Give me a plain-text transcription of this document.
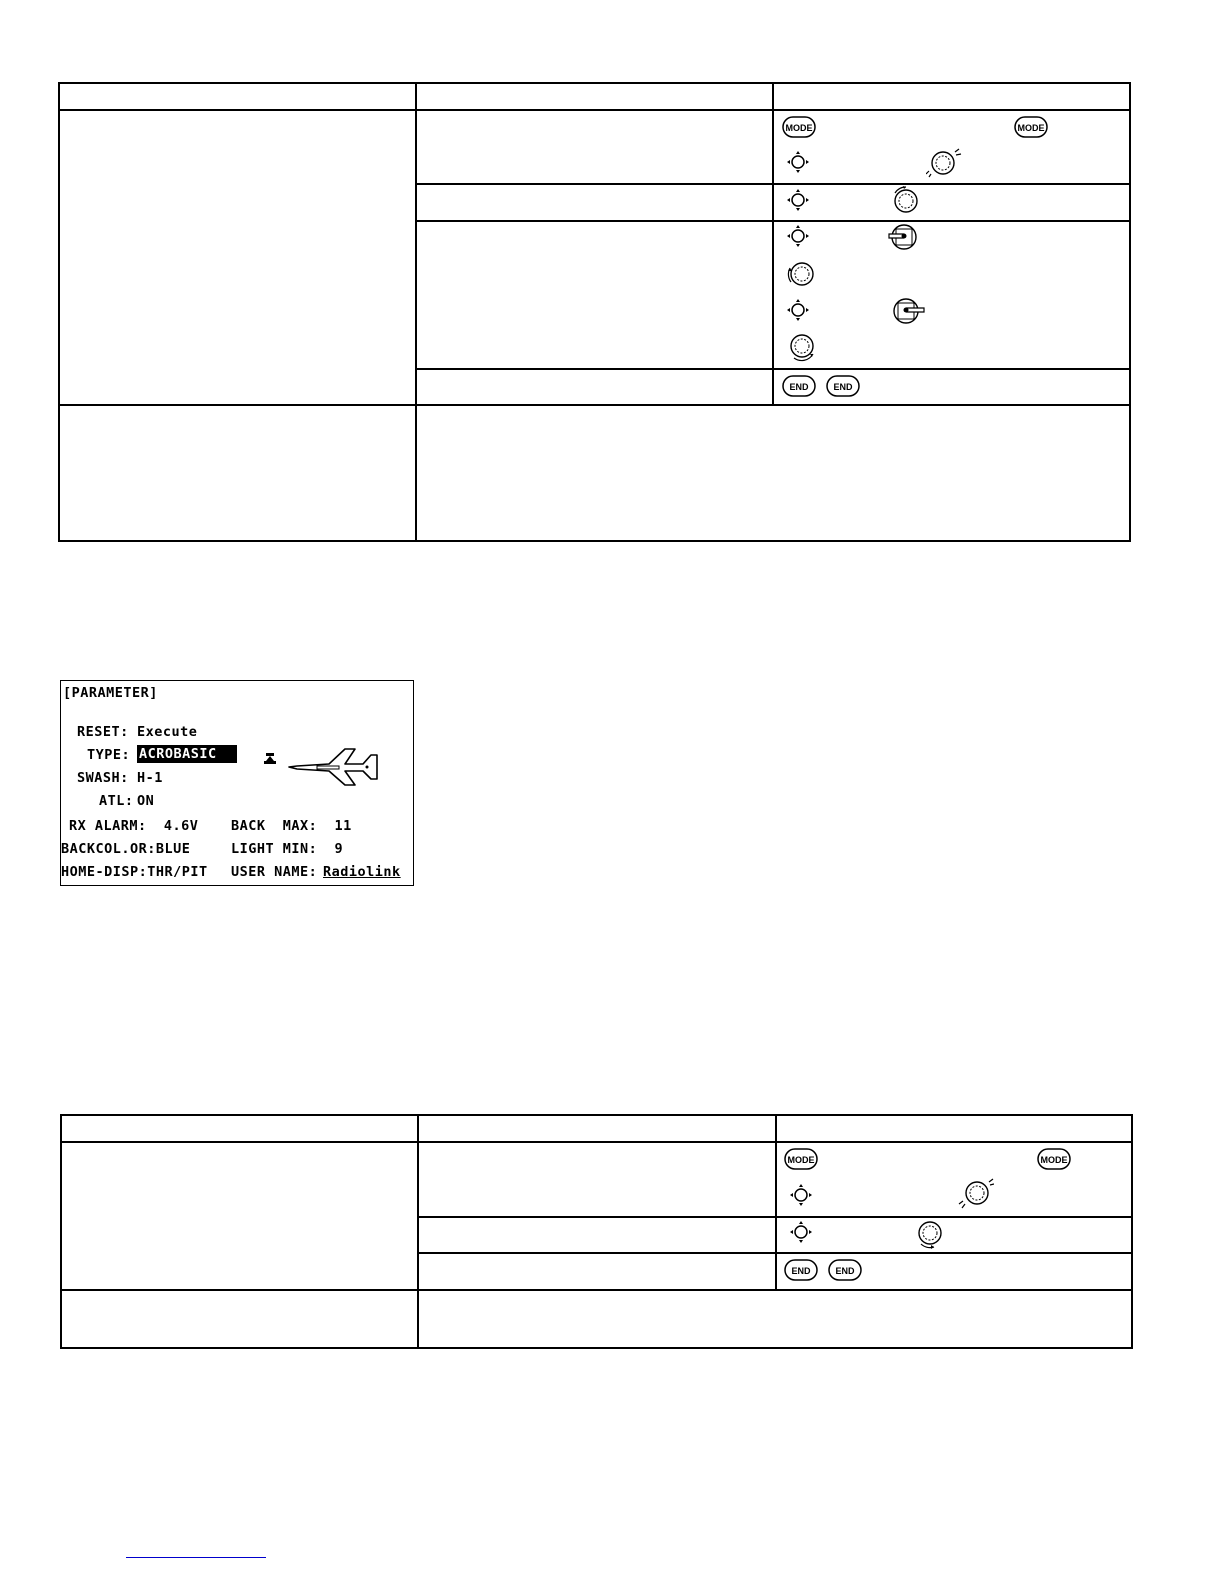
MODE	MODE
END	END
[PARAMETER]
RESET: Execute
TYPE: ACROBASIC
SWASH: H-1
ATL: ON
RX ALARM:  4.6V BACK  MAX:  11
BACKCOL.OR:BLUE	LIGHT MIN:  9
HOME-DISP:THR/PIT USER NAME: Radiolink
MODE	MODE
END	END
